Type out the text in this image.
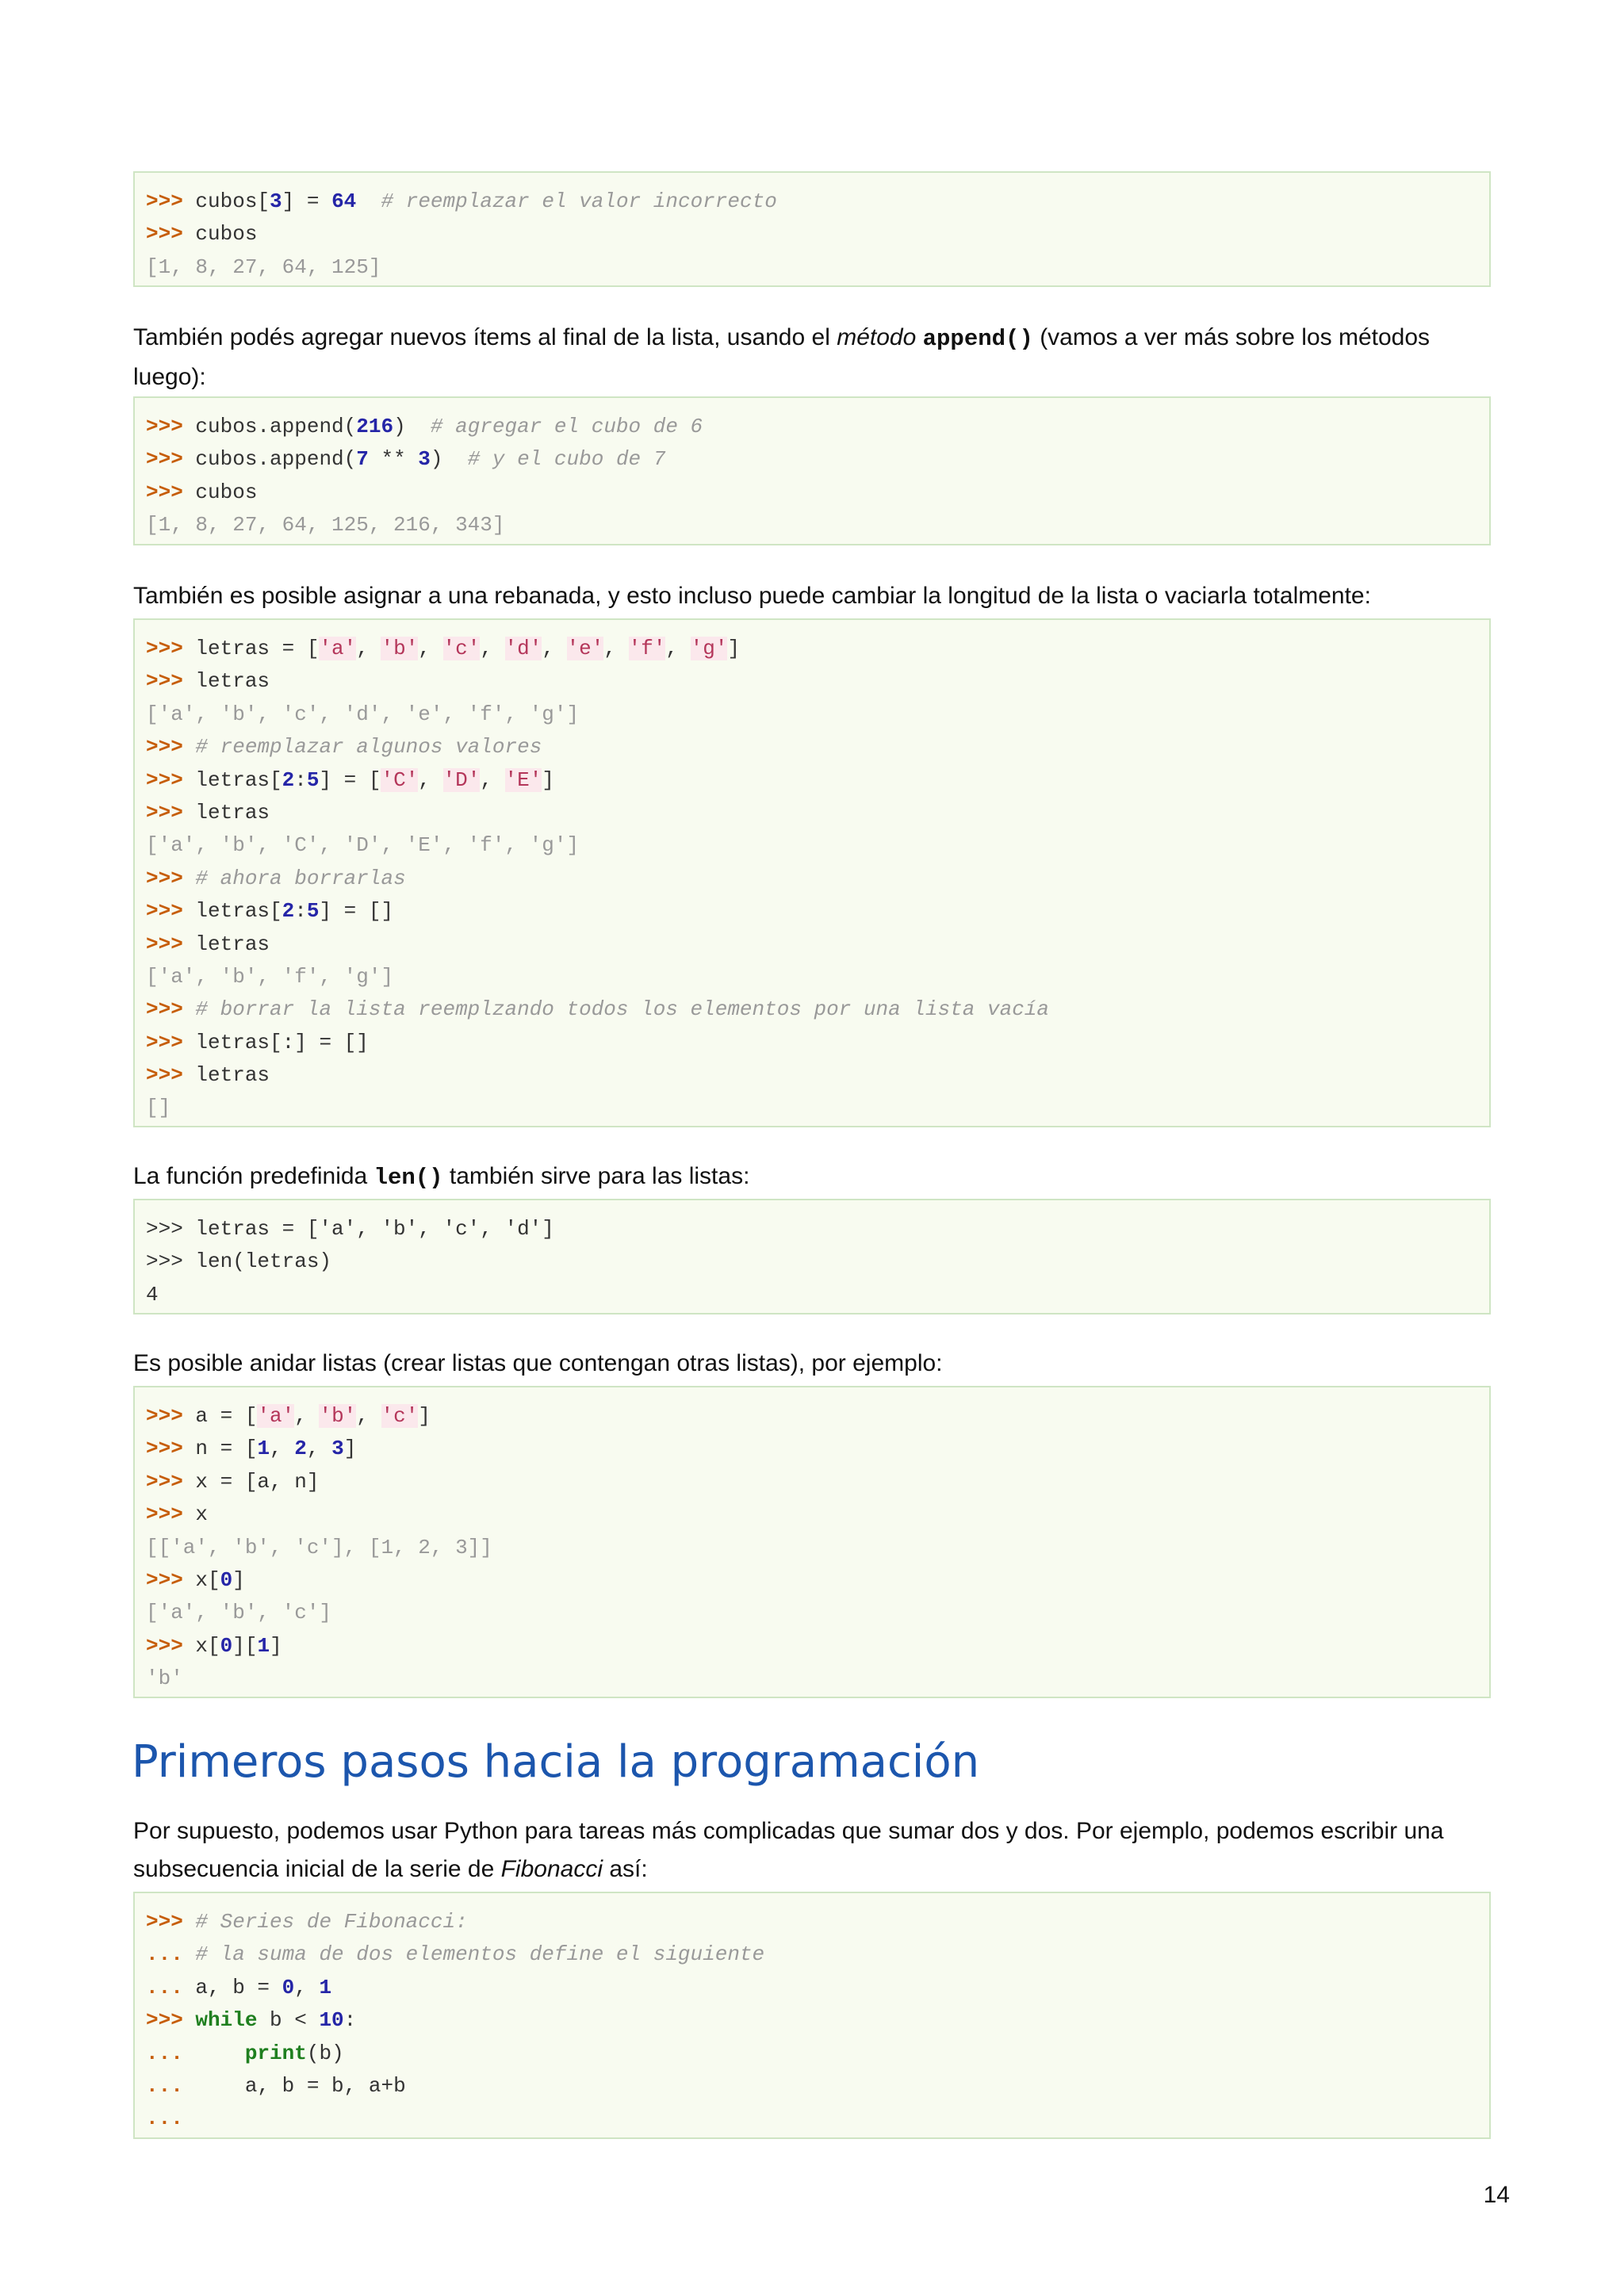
>>> cubos[3] = 64 # reemplazar el valor incorrecto
>>> cubos
[1, 8, 27, 64, 125]
También podés agregar nuevos ítems al final de la lista, usando el método append() (vamos a ver más sobre los métodos luego):
>>> cubos.append(216)  # agregar el cubo de 6
>>> cubos.append(7 ** 3)  # y el cubo de 7
>>> cubos
[1, 8, 27, 64, 125, 216, 343]
También es posible asignar a una rebanada, y esto incluso puede cambiar la longitud de la lista o vaciarla totalmente:
>>> letras = ['a', 'b', 'c', 'd', 'e', 'f', 'g']
>>> letras
['a', 'b', 'c', 'd', 'e', 'f', 'g']
>>> # reemplazar algunos valores
>>> letras[2:5] = ['C', 'D', 'E']
>>> letras
['a', 'b', 'C', 'D', 'E', 'f', 'g']
>>> # ahora borrarlas
>>> letras[2:5] = []
>>> letras
['a', 'b', 'f', 'g']
>>> # borrar la lista reemplzando todos los elementos por una lista vacía
>>> letras[:] = []
>>> letras
[]
La función predefinida len() también sirve para las listas:
>>> letras = ['a', 'b', 'c', 'd']
>>> len(letras)
4
Es posible anidar listas (crear listas que contengan otras listas), por ejemplo:
>>> a = ['a', 'b', 'c']
>>> n = [1, 2, 3]
>>> x = [a, n]
>>> x
[['a', 'b', 'c'], [1, 2, 3]]
>>> x[0]
['a', 'b', 'c']
>>> x[0][1]
'b'
Primeros pasos hacia la programación
Por supuesto, podemos usar Python para tareas más complicadas que sumar dos y dos. Por ejemplo, podemos escribir una subsecuencia inicial de la serie de Fibonacci así:
>>> # Series de Fibonacci:
... # la suma de dos elementos define el siguiente
... a, b = 0, 1
>>> while b < 10:
...     print(b)
...     a, b = b, a+b
...
14
